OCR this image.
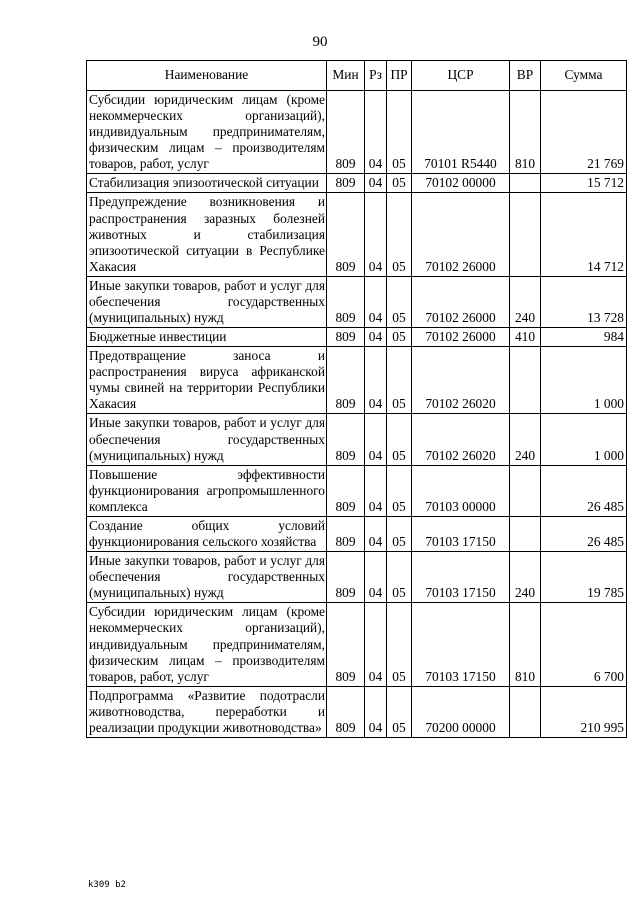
90
Наименование	Мин	Рз	ПР	ЦСР	ВР	Сумма
Субсидии юридическим лицам (кроме некоммерческих организаций), индивидуальным предпринимателям, физическим лицам – производителям товаров, работ, услуг	809	04	05	70101 R5440	810	21 769
Стабилизация эпизоотической ситуации	809	04	05	70102 00000		15 712
Предупреждение возникновения и распространения заразных болезней животных и стабилизация эпизоотической ситуации в Республике Хакасия	809	04	05	70102 26000		14 712
Иные закупки товаров, работ и услуг для обеспечения государственных (муниципальных) нужд	809	04	05	70102 26000	240	13 728
Бюджетные инвестиции	809	04	05	70102 26000	410	984
Предотвращение заноса и распространения вируса африканской чумы свиней на территории Республики Хакасия	809	04	05	70102 26020		1 000
Иные закупки товаров, работ и услуг для обеспечения государственных (муниципальных) нужд	809	04	05	70102 26020	240	1 000
Повышение эффективности функционирования агропромышленного комплекса	809	04	05	70103 00000		26 485
Создание общих условий функционирования сельского хозяйства	809	04	05	70103 17150		26 485
Иные закупки товаров, работ и услуг для обеспечения государственных (муниципальных) нужд	809	04	05	70103 17150	240	19 785
Субсидии юридическим лицам (кроме некоммерческих организаций), индивидуальным предпринимателям, физическим лицам – производителям товаров, работ, услуг	809	04	05	70103 17150	810	6 700
Подпрограмма «Развитие подотрасли животноводства, переработки и реализации продукции животноводства»	809	04	05	70200 00000		210 995
k309 b2
